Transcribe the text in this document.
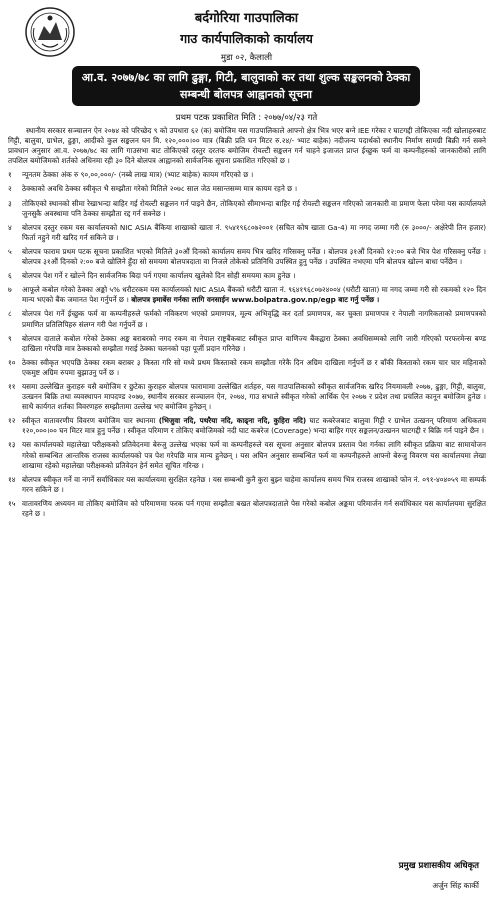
बर्दगोरिया गाउपालिका
गाउ कार्यपालिकाको कार्यालय
मुडा ०२, कैलाली
आ.व. २०७७/७८ का लागि ढुङ्गा, गिटी, बालुवाको कर तथा शुल्क सङ्कलनको ठेक्का सम्बन्धी बोलपत्र आह्वानको सूचना
प्रथम पटक प्रकाशित मिति : २०७७/०४/२३ गते

स्थानीय सरकार सञ्चालन ऐन २०७४ को परिच्छेद ९ को उपधारा ६२ (क) बमोजिम यस गाउपालिकाले आफ्नो क्षेत्र भित्र भएर बग्ने IEE गरेका र घाटगद्दी तोकिएका नदी खोलाहरुबाट गिट्टी, बालुवा, ग्राभेल, ढुङ्गा, आदीको कुल सङ्कलन घन मि. १२०,०००।०० मात्र (बिक्री प्रति घन मिटर रु.२४/- भ्याट बाहेक) नदीजन्य पदार्थको स्थानीय निर्माण सामग्री बिक्री गर्न सक्ने प्रावधान अनुसार आ.व. २०७७/७८ का लागि गाउसभा बाट तोकिएको दस्तुर दरतफ बमोजिम रोयल्टी सङ्कलन गर्न चाहने इजाजत प्राप्त ईच्छुक फर्म वा कम्पनीहरुको जानकारीको लागि तपशिल बमोजिमको शर्तको अधिनमा रही ३० दिने बोलपत्र आह्वानको सार्वजनिक सूचना प्रकाशित गरिएको छ ।

१	न्यूनतम ठेक्का अंक रु ९०,००,०००/- (नब्बे लाख मात्र) (भ्याट बाहेक) कायम गरिएको छ ।
२	ठेक्काको अवधि ठेक्का स्वीकृत भै सम्झौता गरेको मितिले २०७८ साल जेठ मसान्तसम्म मात्र कायम रहने छ ।
३	तोकिएको स्थानको सीमा रेखाभन्दा बाहिर गई रोयल्टी सङ्कलन गर्न पाइने छैन, तोकिएको सीमाभन्दा बाहिर गई रोयल्टी सङ्कलन गरिएको जानकारी वा प्रमाण फेला परेमा यस कार्यालयले जुनसुकै अवस्थामा पनि ठेक्का सम्झौता रद्द गर्न सक्नेछ ।
४	बोलपत्र दस्तुर रकम यस कार्यालयको NIC ASIA बैंकिया शाखाको खाता नं. ९५४१९६८०७२००१ (सचित कोष खाता Ga-4) मा नगद जम्मा गरी (रु ३०००/- अक्षेरेपी तिन हजार) फिर्ता नहुने गरी खरिद गर्न सकिने छ ।
५	बोलपत्र फाराम प्रथम पटक सूचना प्रकाशित भएको मितिले ३०औं दिनको कार्यालय समय भित्र खरिद गरिसक्नु पर्नेछ । बोलपत्र ३१औं दिनको १२:०० बजे भित्र पेश गरिसक्नु पर्नेछ । बोलपत्र ३१औं दिनको २:०० बजे खोलिने हुँदा सो समयमा बोलपत्रदाता वा निजले तोकेको प्रतिनिधि उपस्थित हुनु पर्नेछ । उपस्थित नभएमा पनि बोलपत्र खोल्न बाधा पर्नेछैन ।
६	बोलपत्र पेश गर्ने र खोल्ने दिन सार्वजनिक बिदा पर्न गएमा कार्यालय खुलेको दिन सोही समयमा काम हुनेछ ।
७	आफूले कबोल गरेको ठेक्का अङ्को ५% धरौटरकम यस कार्यालयको NIC ASIA बैंकको धरौटी खाता नं. ९६४१९६८०७२४००४ (धरौटी खाता) मा नगद जम्मा गरी सो रकमको १२० दिन मान्य भएको बैंक जमानत पेश गर्नुपर्ने छ । बोलपत्र इमार्बेस गर्नका लागि वनसाईन www.bolpatra.gov.np/egp बाट गर्नु पर्नेछ ।
८	बोलपत्र पेश गर्ने ईच्छुक फर्म वा कम्पनीहरुले फर्मको नविकरण भएको प्रमाणपत्र, मूल्य अभिवृद्धि कर दर्ता प्रमाणपत्र, कर चुक्ता प्रमाणपत्र र नेपाली नागरिकताको प्रमाणपत्रको प्रमाणित प्रतिलिपिहरु संलग्न गरी पेश गर्नुपर्ने छ ।
९	बोलपत्र दाताले कबोल गरेको ठेक्का अङ्क बराबरको नगद रकम वा नेपाल राष्ट्रबैंकबाट स्वीकृत प्राप्त वाणिज्य बैंकद्वारा ठेक्का अवधिसम्मको लागि जारी गरिएको परफरमेन्स बण्ड दाखिला गरेपछि मात्र ठेक्काको सम्झौता गराई ठेक्का चलनको पहा पूर्जी प्रदान गरिनेछ ।
१० ठेक्का स्वीकृत भएपछि ठेक्का रकम बराबर ३ किस्ता गरि सो मध्ये प्रथम किस्ताको रकम सम्झौता गरेकै दिन अग्रिम दाखिला गर्नुपर्ने छ र बाँकी किस्ताको रकम चार चार महिनाको एकमुष्ट अग्रिम रुपमा बुझाउनु पर्ने छ ।
११ यसमा उल्लेखित कुराहरु यसै बमोजिम र छुटेका कुराहरु बोलपत्र फारामामा उल्लेखित शर्तहरु, यस गाउपालिकाको स्वीकृत सार्वजनिक खरिद नियमावली २०७७, ढुङ्गा, गिट्टी, बालुवा, उत्खनन बिक्रि तथा व्यवस्थापन मापदण्ड २०७७, स्थानीय सरकार सञ्चालन ऐन, २०७४, गाउ सभाले स्वीकृत गरेको आर्थिक ऐन २०७७ र प्रदेश तथा प्रचलित कानून बमोजिम हुनेछ । साथै कार्यगत शर्तका विवरणहरु सम्झौतामा उल्लेख भए बमोजिम हुनेछन् ।
१२ स्वीकृत वातावरणीय विवरण बमोजिम चार स्थानमा (भिजुवा नदि, पथरैया नदि, काढ्ना नदि, कुहिरा नदि) घाट कबरेजबाट बालुवा गिट्टी र ग्राभेल उत्खनन् परिमाण अधिकतम १२०,०००।०० घन मिटर मात्र हुनु पर्नेछ । स्वीकृत परिमाण र तोकिए बमोजिमको नदी घाट कबरेज (Coverage) भन्दा बाहिर गएर सङ्कलन/उत्खनन घाटगद्दी र बिक्रि गर्न पाइने छैन ।
१३ यस कार्यालयको महालेखा परीक्षकको प्रतिवेदनमा बेरुजु उल्लेख भएका फर्म वा कम्पनीहरुले यस सूचना अनुसार बोलपत्र प्रस्ताव पेश गर्नका लागि स्वीकृत प्रक्रिया बाट सामायोजन गरेको सम्बन्धित आन्तरिक राजस्व कार्यालयको पत्र पेश गरेपछि मात्र मान्य हुनेछन् । यस अघिन अनुसार सम्बन्धित फर्म वा कम्पनीहरुले आफ्नो बेरुजु विवरण यस कार्यालयमा लेखा शाखामा रहेको महालेखा परीक्षकको प्रतिवेदन हेर्न समेत सूचित गरिन्छ ।
१४ बोलपत्र स्वीकृत गर्ने वा नगर्ने सर्वाधिकार यस कार्यालयमा सुरक्षित रहनेछ । यस सम्बन्धी कुनै कुरा बुझ्न चाहेमा कार्यालय समय भित्र राजस्व शाखाको फोन नं. ०९१-४०४०५९ मा सम्पर्क गरन सकिने छ ।
१५ वातावरणिय अध्ययन मा तोकिए बमोजिम को परिमाणमा फरक पर्न गएमा सम्झौता बखत बोलपत्रदाताले पेस गरेको कबोल अङ्कमा परिमार्जन गर्न सर्वाधिकार यस कार्यालयमा सुरक्षित रहने छ ।
प्रमुख प्रशासकीय अधिकृत
अर्जुन सिंह कार्की
